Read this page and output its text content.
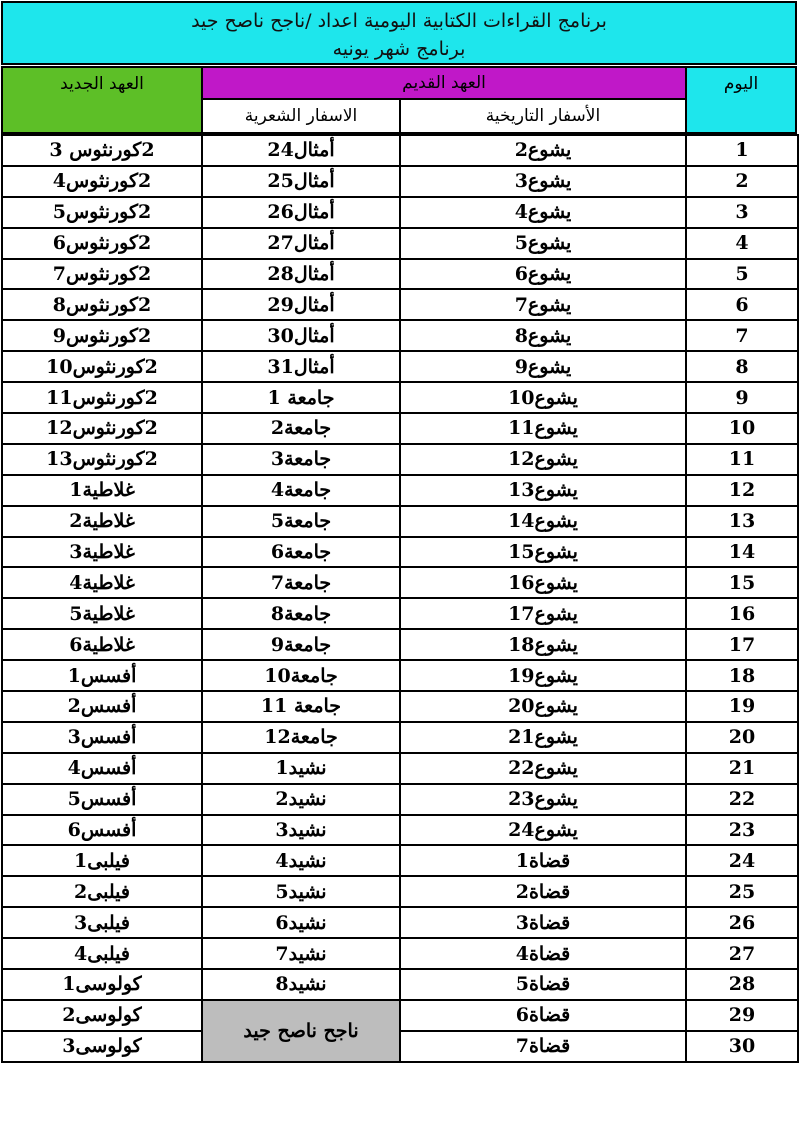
برنامج القراءات الكتابية اليومية اعداد /ناجح ناصح جيد
برنامج شهر يونيه
العهد الجديد	العهد القديم
الاسفار الشعرية	الأسفار التاريخية
اليوم
2كورنثوس 3	أمثال24	يشوع2	1
2كورنثوس4	أمثال25	يشوع3	2
2كورنثوس5	أمثال26	يشوع4	3
2كورنثوس6	أمثال27	يشوع5	4
2كورنثوس7	أمثال28	يشوع6	5
2كورنثوس8	أمثال29	يشوع7	6
2كورنثوس9	أمثال30	يشوع8	7
2كورنثوس10	أمثال31	يشوع9	8
2كورنثوس11	جامعة 1	يشوع10	9
2كورنثوس12	جامعة2	يشوع11	10
2كورنثوس13	جامعة3	يشوع12	11
غلاطية1	جامعة4	يشوع13	12
غلاطية2	جامعة5	يشوع14	13
غلاطية3	جامعة6	يشوع15	14
غلاطية4	جامعة7	يشوع16	15
غلاطية5	جامعة8	يشوع17	16
غلاطية6	جامعة9	يشوع18	17
أفسس1	جامعة10	يشوع19	18
أفسس2	جامعة 11	يشوع20	19
أفسس3	جامعة12	يشوع21	20
أفسس4	نشيد1	يشوع22	21
أفسس5	نشيد2	يشوع23	22
أفسس6	نشيد3	يشوع24	23
فيلبى1	نشيد4	قضاة1	24
فيلبى2	نشيد5	قضاة2	25
فيلبى3	نشيد6	قضاة3	26
فيلبى4	نشيد7	قضاة4	27
كولوسى1	نشيد8	قضاة5	28
كولوسى2	ناجح ناصح جيد	قضاة6	29
كولوسى3		قضاة7	30
